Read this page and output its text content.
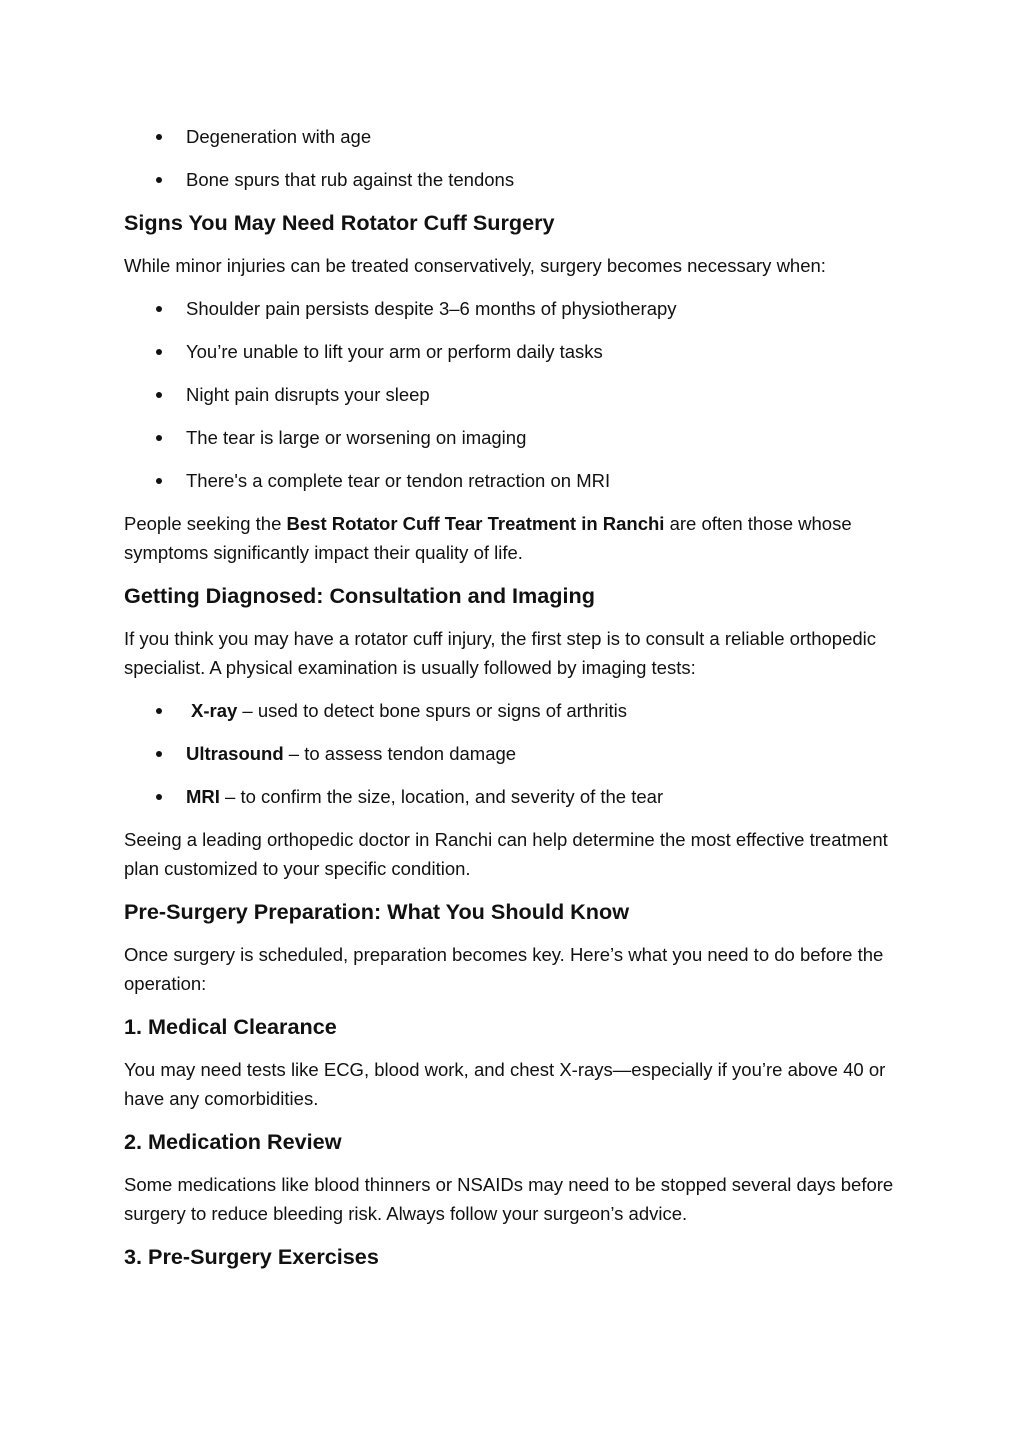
Degeneration with age
Bone spurs that rub against the tendons
Signs You May Need Rotator Cuff Surgery

While minor injuries can be treated conservatively, surgery becomes necessary when:

Shoulder pain persists despite 3–6 months of physiotherapy
You’re unable to lift your arm or perform daily tasks
Night pain disrupts your sleep
The tear is large or worsening on imaging
There's a complete tear or tendon retraction on MRI

People seeking the Best Rotator Cuff Tear Treatment in Ranchi are often those whose symptoms significantly impact their quality of life.

Getting Diagnosed: Consultation and Imaging

If you think you may have a rotator cuff injury, the first step is to consult a reliable orthopedic specialist. A physical examination is usually followed by imaging tests:

X-ray – used to detect bone spurs or signs of arthritis
Ultrasound – to assess tendon damage
MRI – to confirm the size, location, and severity of the tear

Seeing a leading orthopedic doctor in Ranchi can help determine the most effective treatment plan customized to your specific condition.

Pre-Surgery Preparation: What You Should Know

Once surgery is scheduled, preparation becomes key. Here’s what you need to do before the operation:

1. Medical Clearance

You may need tests like ECG, blood work, and chest X-rays—especially if you’re above 40 or have any comorbidities.

2. Medication Review

Some medications like blood thinners or NSAIDs may need to be stopped several days before surgery to reduce bleeding risk. Always follow your surgeon’s advice.

3. Pre-Surgery Exercises
